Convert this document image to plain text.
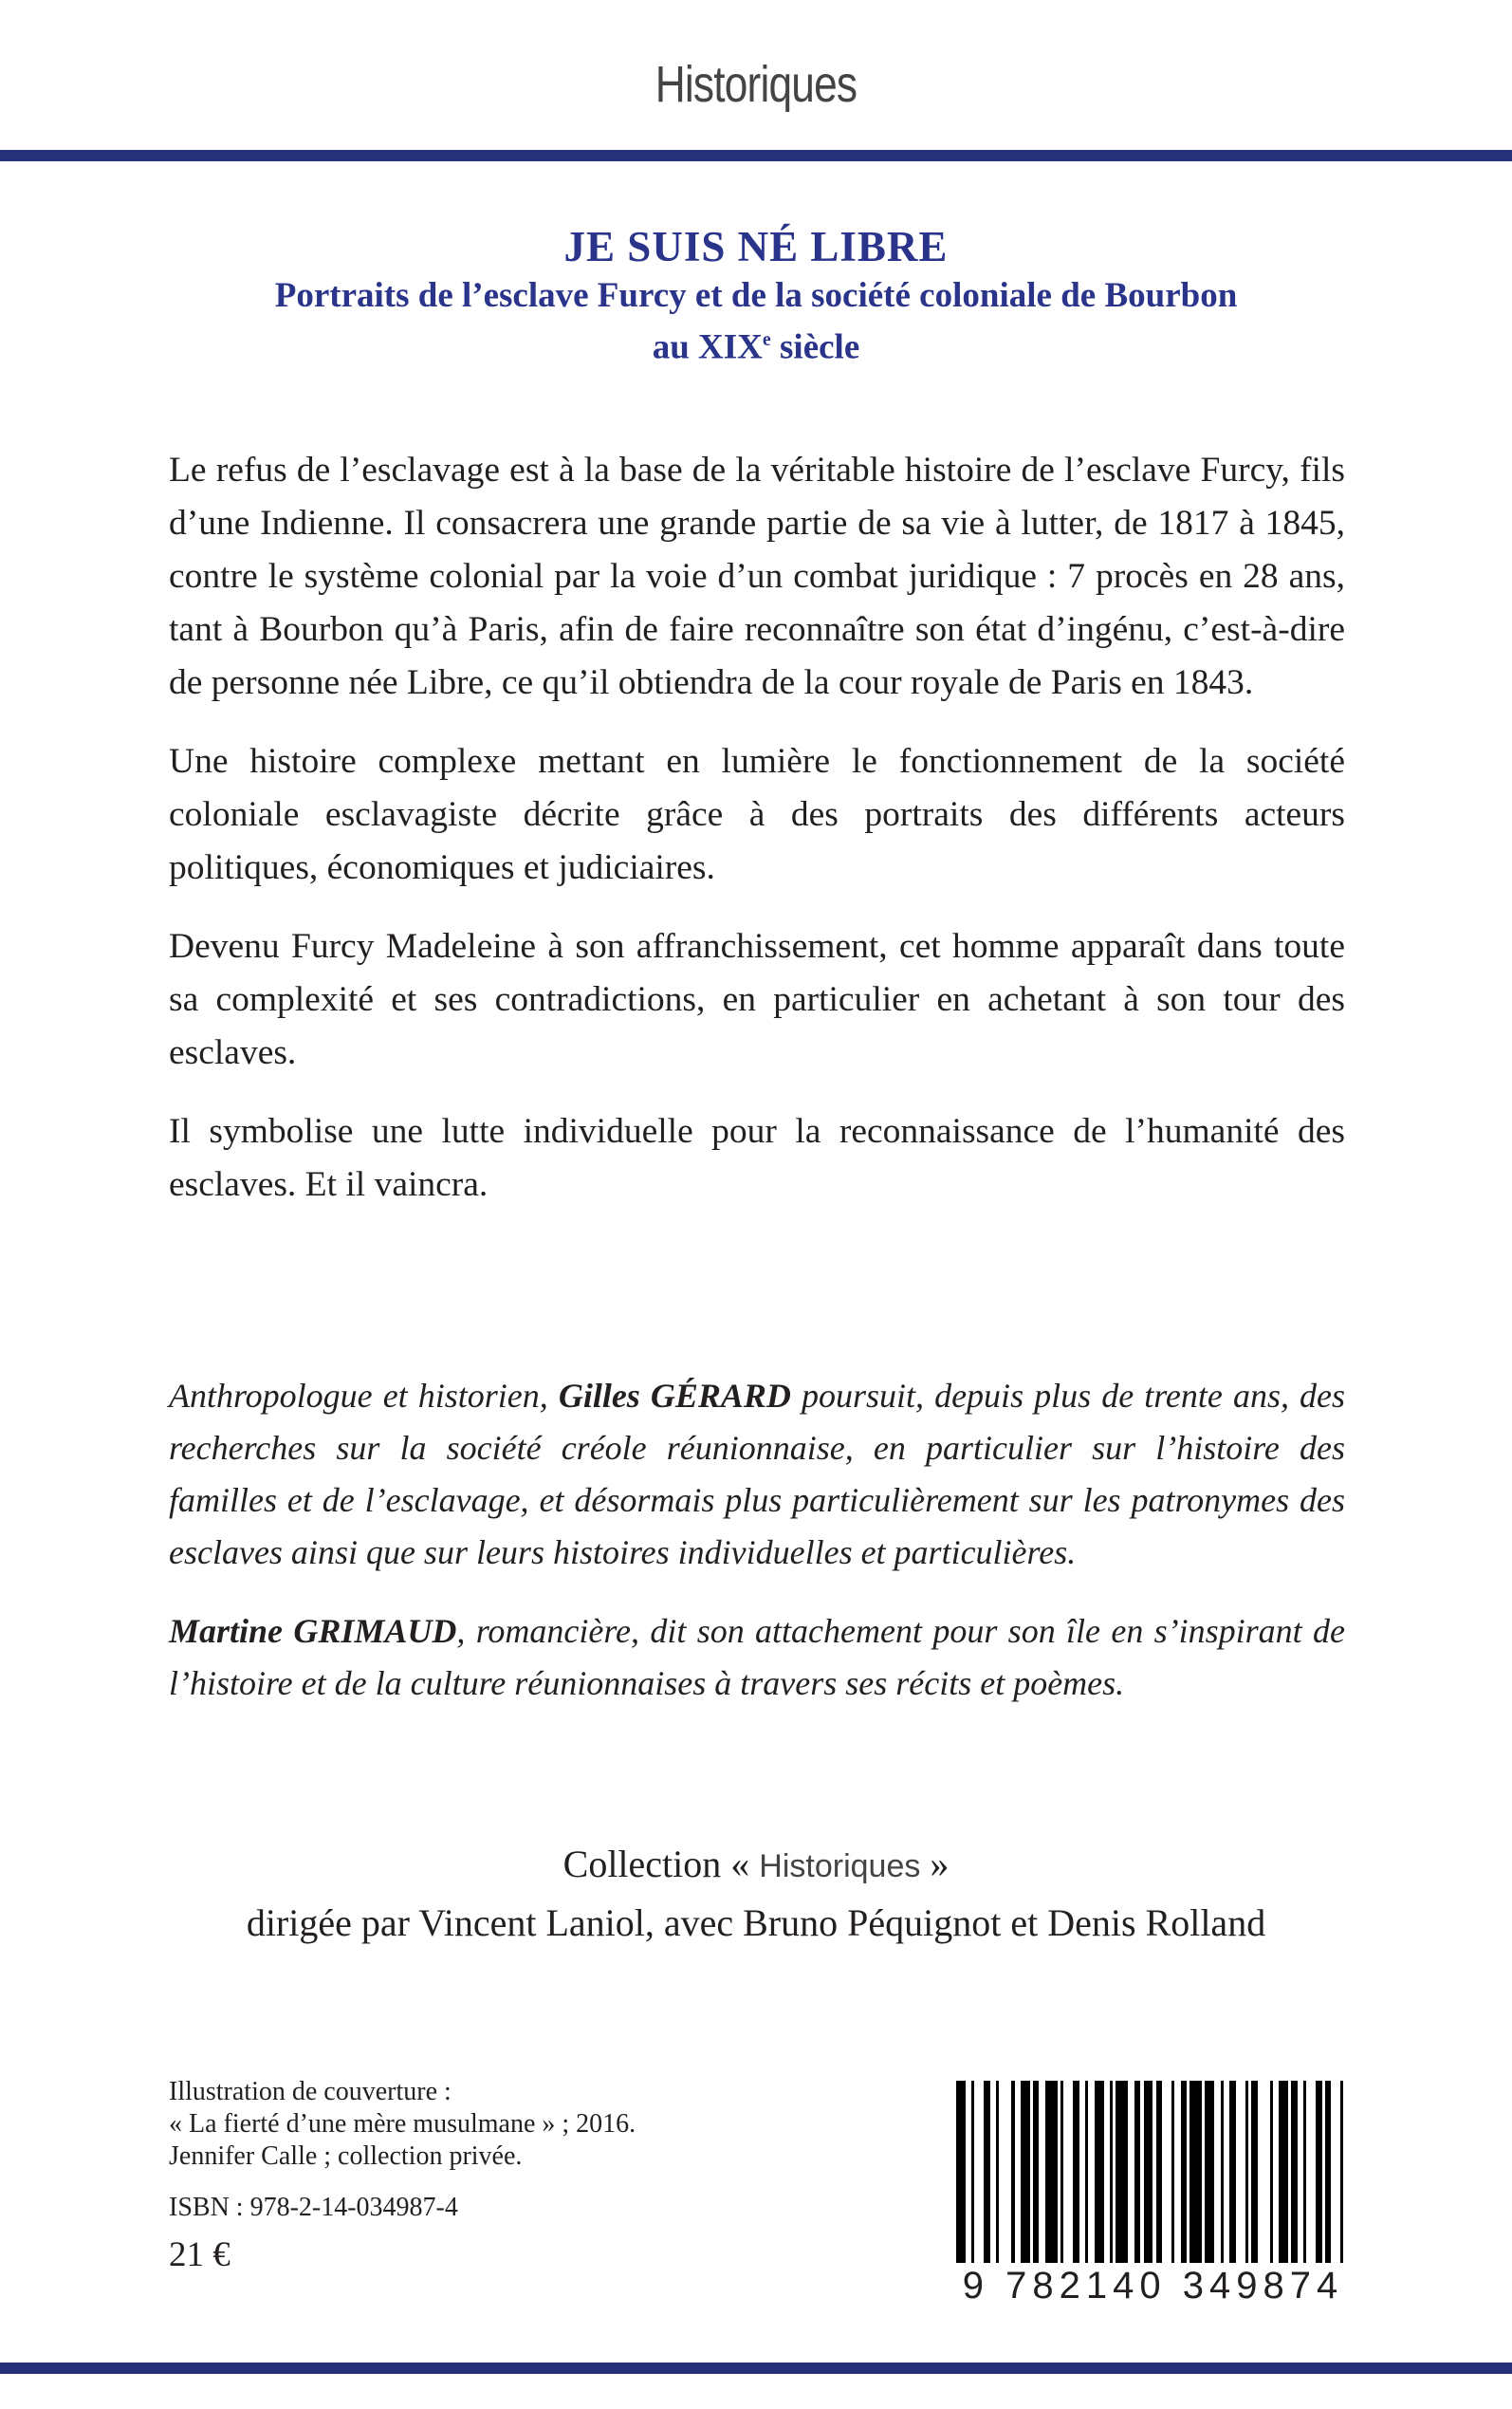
Historiques
JE SUIS NÉ LIBRE
Portraits de l’esclave Furcy et de la société coloniale de Bourbon
au XIXe siècle

Le refus de l’esclavage est à la base de la véritable histoire de l’esclave Furcy, fils d’une Indienne. Il consacrera une grande partie de sa vie à lutter, de 1817 à 1845, contre le système colonial par la voie d’un combat juridique : 7 procès en 28 ans, tant à Bourbon qu’à Paris, afin de faire reconnaître son état d’ingénu, c’est-à-dire de personne née Libre, ce qu’il obtiendra de la cour royale de Paris en 1843.

Une histoire complexe mettant en lumière le fonctionnement de la société coloniale esclavagiste décrite grâce à des portraits des différents acteurs politiques, économiques et judiciaires.

Devenu Furcy Madeleine à son affranchissement, cet homme apparaît dans toute sa complexité et ses contradictions, en particulier en achetant à son tour des esclaves.

Il symbolise une lutte individuelle pour la reconnaissance de l’humanité des esclaves. Et il vaincra.

Anthropologue et historien, Gilles GÉRARD poursuit, depuis plus de trente ans, des recherches sur la société créole réunionnaise, en particulier sur l’histoire des familles et de l’esclavage, et désormais plus particulièrement sur les patronymes des esclaves ainsi que sur leurs histoires individuelles et particulières.

Martine GRIMAUD, romancière, dit son attachement pour son île en s’inspirant de l’histoire et de la culture réunionnaises à travers ses récits et poèmes.

Collection « Historiques »
dirigée par Vincent Laniol, avec Bruno Péquignot et Denis Rolland
Illustration de couverture :
« La fierté d’une mère musulmane » ; 2016.
Jennifer Calle ; collection privée.
ISBN : 978-2-14-034987-4
21 €
9 782140 349874
